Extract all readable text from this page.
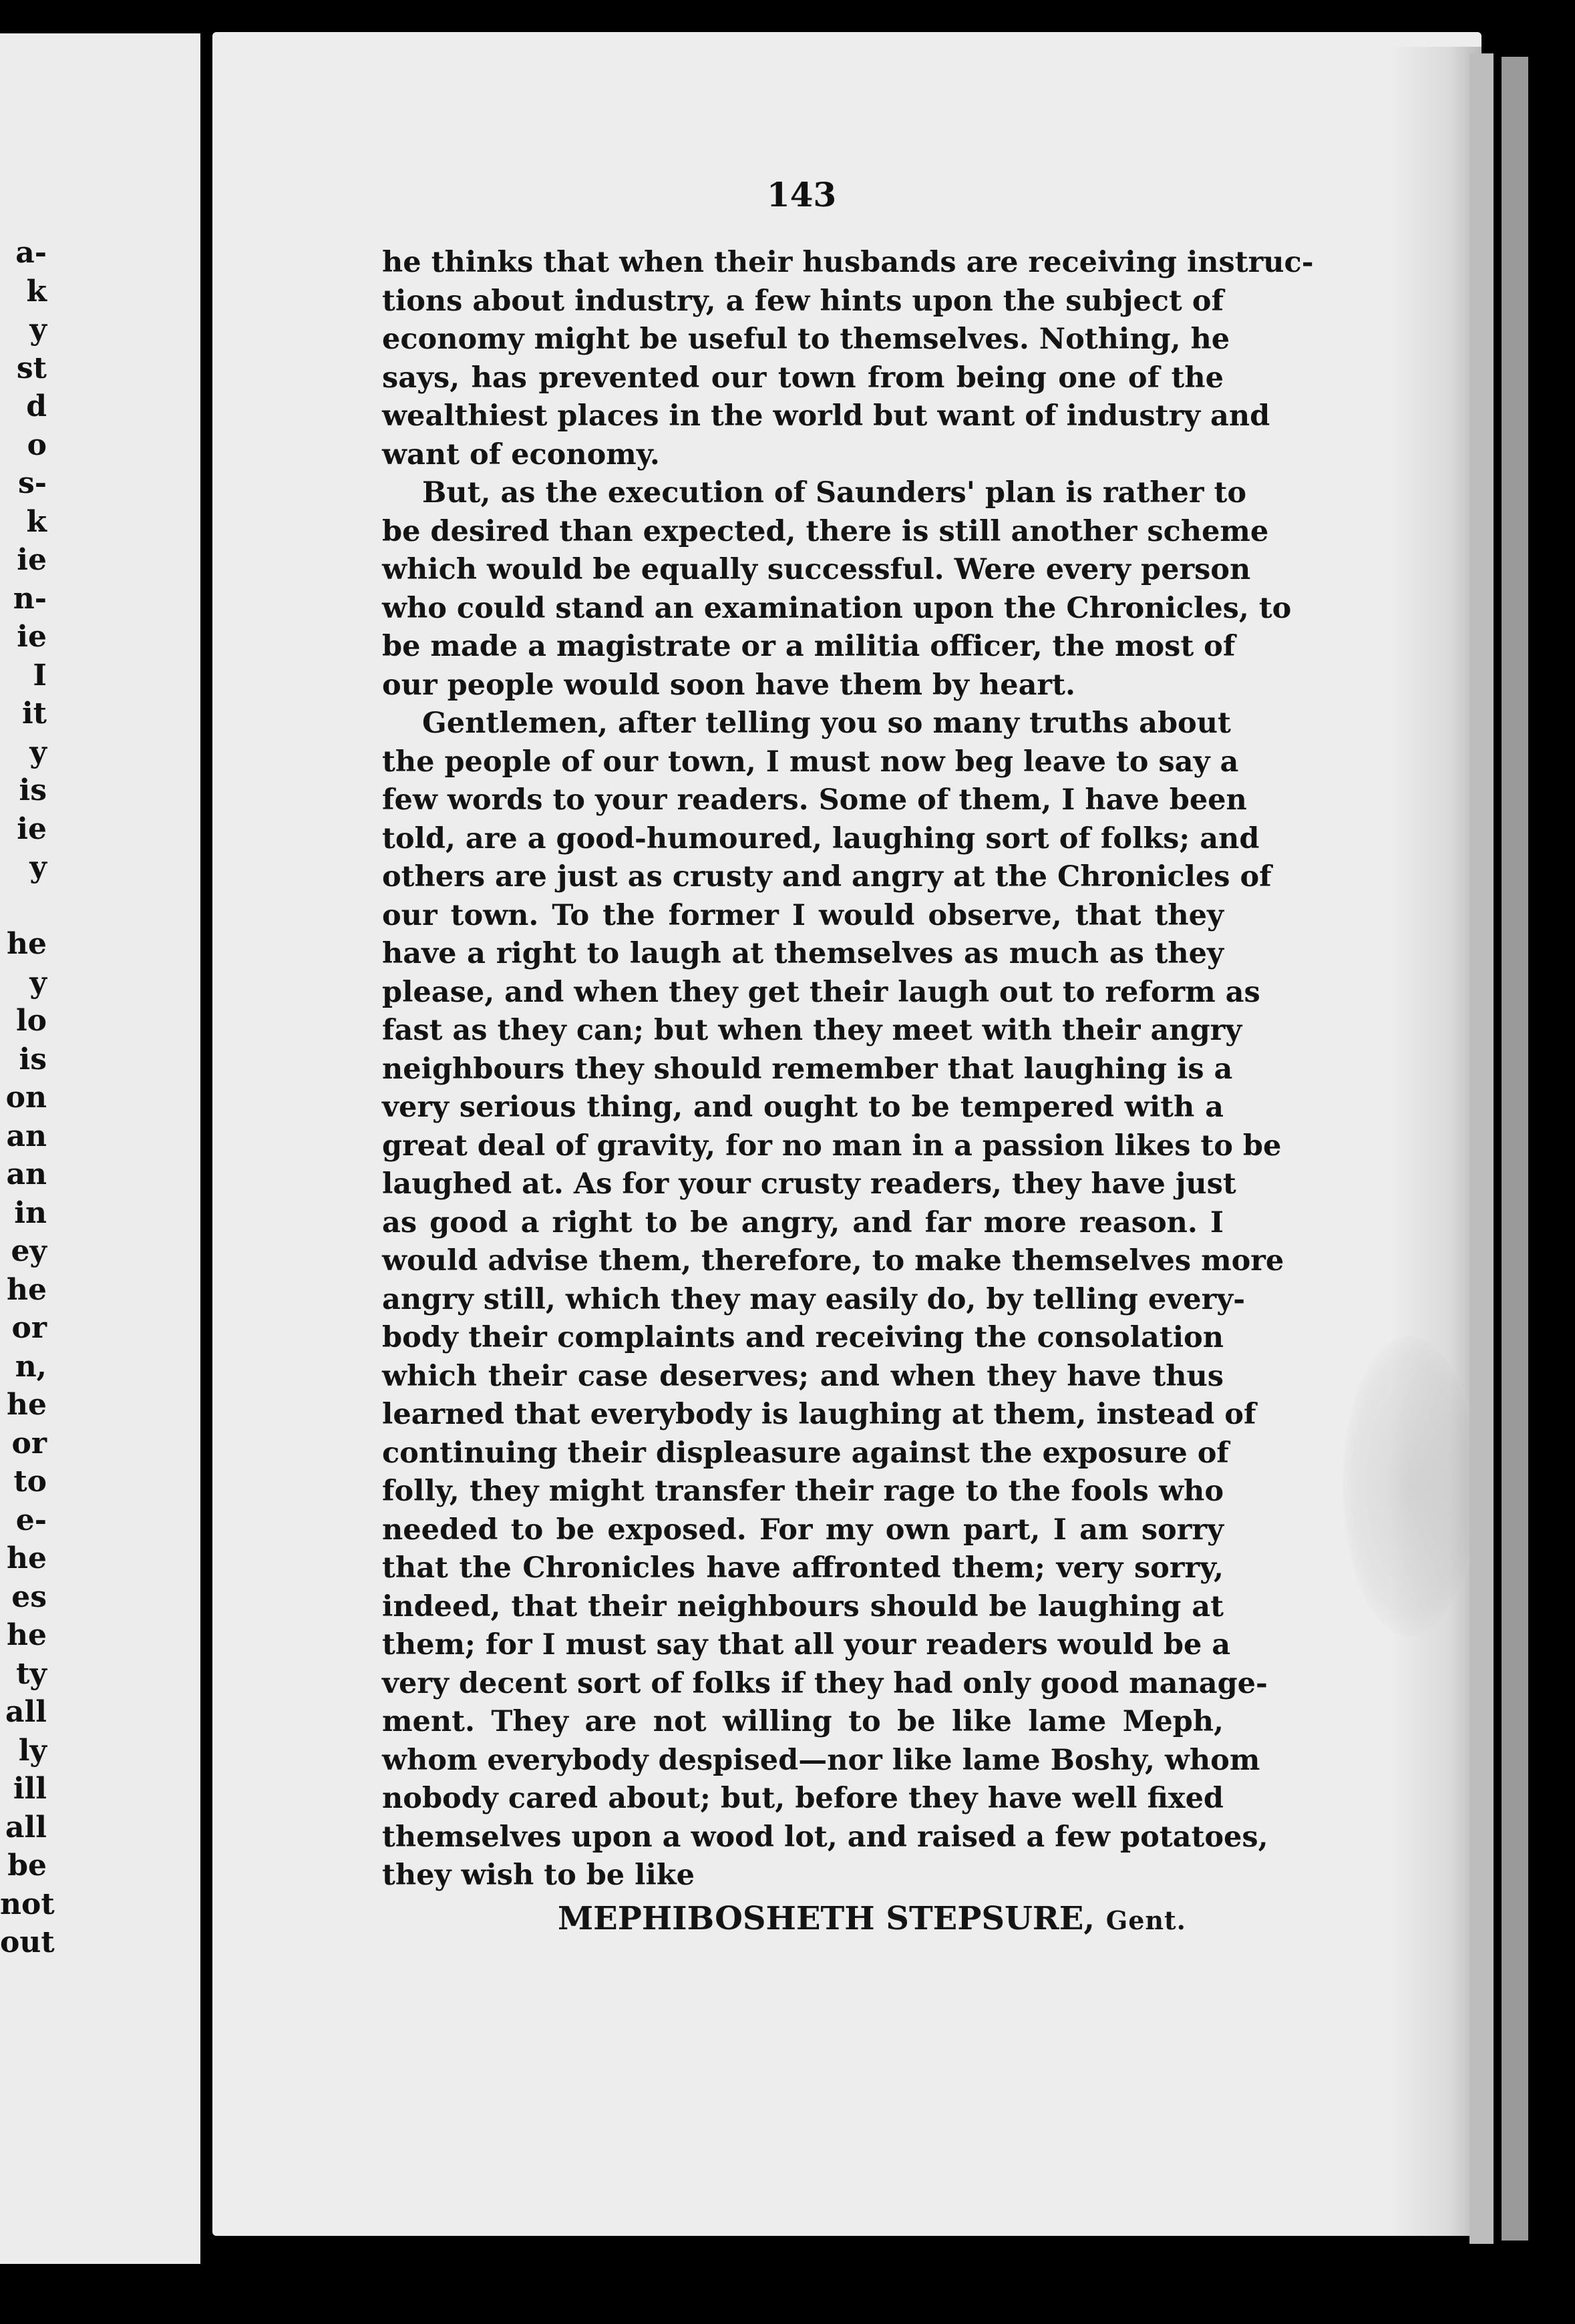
a-
k
y
st
d
o
s-
k
ie
n-
ie
I
it
y
is
ie
y

he
y
lo
is
on
an
an
in
ey
he
or
n,
he
or
to
e-
he
es
he
ty
all
ly
ill
all
be
not
out
143
he thinks that when their husbands are receiving instruc-
tions about industry, a few hints upon the subject of
economy might be useful to themselves. Nothing, he
says, has prevented our town from being one of the
wealthiest places in the world but want of industry and
want of economy.
But, as the execution of Saunders' plan is rather to
be desired than expected, there is still another scheme
which would be equally successful. Were every person
who could stand an examination upon the Chronicles, to
be made a magistrate or a militia officer, the most of
our people would soon have them by heart.
Gentlemen, after telling you so many truths about
the people of our town, I must now beg leave to say a
few words to your readers. Some of them, I have been
told, are a good-humoured, laughing sort of folks; and
others are just as crusty and angry at the Chronicles of
our town. To the former I would observe, that they
have a right to laugh at themselves as much as they
please, and when they get their laugh out to reform as
fast as they can; but when they meet with their angry
neighbours they should remember that laughing is a
very serious thing, and ought to be tempered with a
great deal of gravity, for no man in a passion likes to be
laughed at. As for your crusty readers, they have just
as good a right to be angry, and far more reason. I
would advise them, therefore, to make themselves more
angry still, which they may easily do, by telling every-
body their complaints and receiving the consolation
which their case deserves; and when they have thus
learned that everybody is laughing at them, instead of
continuing their displeasure against the exposure of
folly, they might transfer their rage to the fools who
needed to be exposed. For my own part, I am sorry
that the Chronicles have affronted them; very sorry,
indeed, that their neighbours should be laughing at
them; for I must say that all your readers would be a
very decent sort of folks if they had only good manage-
ment. They are not willing to be like lame Meph,
whom everybody despised—nor like lame Boshy, whom
nobody cared about; but, before they have well fixed
themselves upon a wood lot, and raised a few potatoes,
they wish to be like
MEPHIBOSHETH STEPSURE, Gent.
